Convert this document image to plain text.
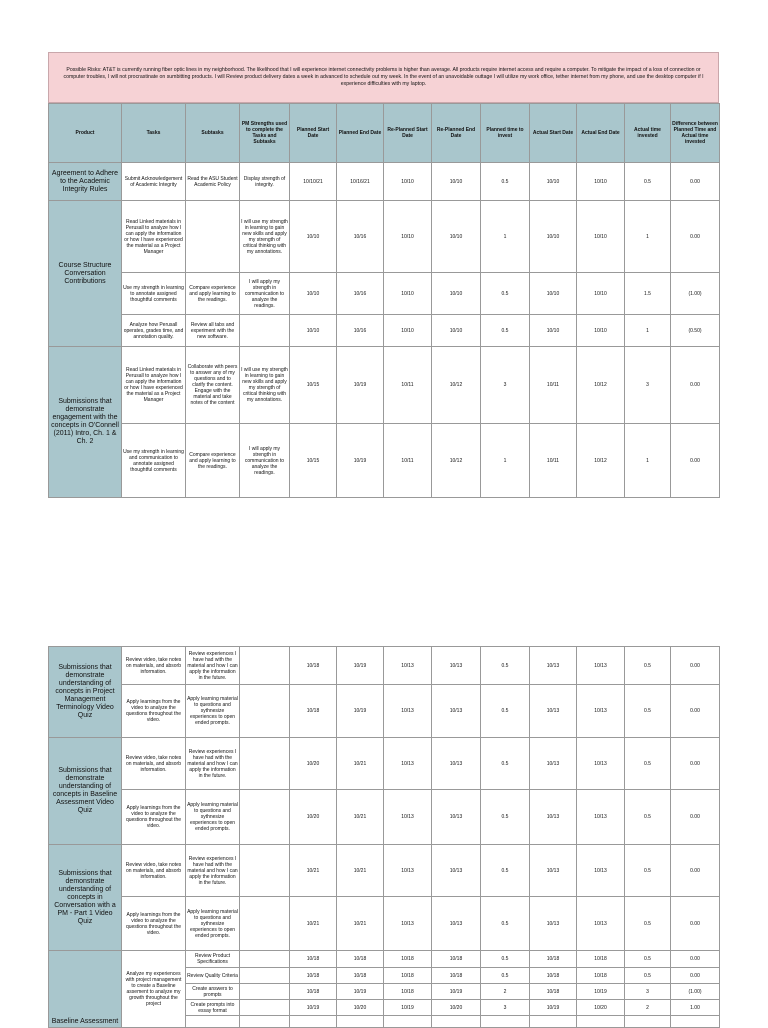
Possible Risks: AT&T is currently running fiber optic lines in my neighborhood. The likelihood that I will experience internet connectivity problems is higher than average. All products require internet access and require a computer. To mitigate the impact of a loss of connection or computer troubles, I will not procrastinate on sumbitting products. I will Review product delivery dates a week in advanced to schedule out my week. In the event of an unavoidable outtage I will utilize my work office, tether internet from my phone, and use the desktop computer if I experience difficulties with my laptop.
Product	Tasks	Subtasks	PM Strengths used to complete the Tasks and Subtasks	Planned Start Date	Planned End Date	Re-Planned Start Date	Re-Planned End Date	Planned time to invest	Actual Start Date	Actual End Date	Actual time invested	Difference between Planned Time and Actual time invested
Agreement to Adhere to the Academic Integrity Rules	Submit Acknowledgement of Academic Integrity	Read the ASU Student Academic Policy	Display strength of integrity.	10/10/21	10/16/21	10/10	10/10	0.5	10/10	10/10	0.5	0.00
Course Structure Conversation Contributions	Read Linked materials in Perusall to analyze how I can apply the information or how I have experienced the material as a Project Manager		I will use my strength in learning to gain new skills and apply my strength of critical thinking with my annotations.	10/10	10/16	10/10	10/10	1	10/10	10/10	1	0.00
	Use my strength in learning to annotate assigned thoughtful comments	Compare experience and apply learning to the readings.	I will apply my strength in communication to analyze the readings.	10/10	10/16	10/10	10/10	0.5	10/10	10/10	1.5	(1.00)
	Analyze how Perusall operates, grades time, and annotation quality.	Review all tabs and experiment with the new software.		10/10	10/16	10/10	10/10	0.5	10/10	10/10	1	(0.50)
Submissions that demonstrate engagement with the concepts in O'Connell (2011) Intro, Ch. 1 & Ch. 2	Read Linked materials in Perusall to analyze how I can apply the information or how I have experienced the material as a Project Manager	Collaborate with peers to answer any of my questions and to clarify the content. Engage with the material and take notes of the content	I will use my strength in learning to gain new skills and apply my strength of critical thinking with my annotations.	10/15	10/19	10/11	10/12	3	10/11	10/12	3	0.00
	Use my strength in learning and communication to annotate assigned thoughtful comments	Compare experience and apply learning to the readings.	I will apply my strength in communication to analyze the readings.	10/15	10/19	10/11	10/12	1	10/11	10/12	1	0.00
Submissions that demonstrate understanding of concepts in Project Management Terminology Video Quiz	Review video, take notes on materials, and absorb information.	Review experiences I have had with the material and how I can apply the information in the future.		10/18	10/19	10/13	10/13	0.5	10/13	10/13	0.5	0.00
	Apply learnings from the video to analyze the questions throughout the video.	Apply learning material to questions and sythnesize experiences to open ended prompts.		10/18	10/19	10/13	10/13	0.5	10/13	10/13	0.5	0.00
Submissions that demonstrate understanding of concepts in Baseline Assessment Video Quiz	Review video, take notes on materials, and absorb information.	Review experiences I have had with the material and how I can apply the information in the future.		10/20	10/21	10/13	10/13	0.5	10/13	10/13	0.5	0.00
	Apply learnings from the video to analyze the questions throughout the video.	Apply learning material to questions and sythnesize experiences to open ended prompts.		10/20	10/21	10/13	10/13	0.5	10/13	10/13	0.5	0.00
Submissions that demonstrate understanding of concepts in Conversation with a PM - Part 1 Video Quiz	Review video, take notes on materials, and absorb information.	Review experiences I have had with the material and how I can apply the information in the future.		10/21	10/21	10/13	10/13	0.5	10/13	10/13	0.5	0.00
	Apply learnings from the video to analyze the questions throughout the video.	Apply learning material to questions and sythnesize experiences to open ended prompts.		10/21	10/21	10/13	10/13	0.5	10/13	10/13	0.5	0.00
Baseline Assessment	Analyze my experiences with project management to create a Baseline assement to analyze my growth throughout the project	Review Product Specifications		10/18	10/18	10/18	10/18	0.5	10/18	10/18	0.5	0.00
		Review Quality Criteria		10/18	10/18	10/18	10/18	0.5	10/18	10/18	0.5	0.00
		Create answers to prompts		10/18	10/19	10/18	10/19	2	10/18	10/19	3	(1.00)
		Create prompts into essay format		10/19	10/20	10/19	10/20	3	10/19	10/20	2	1.00
